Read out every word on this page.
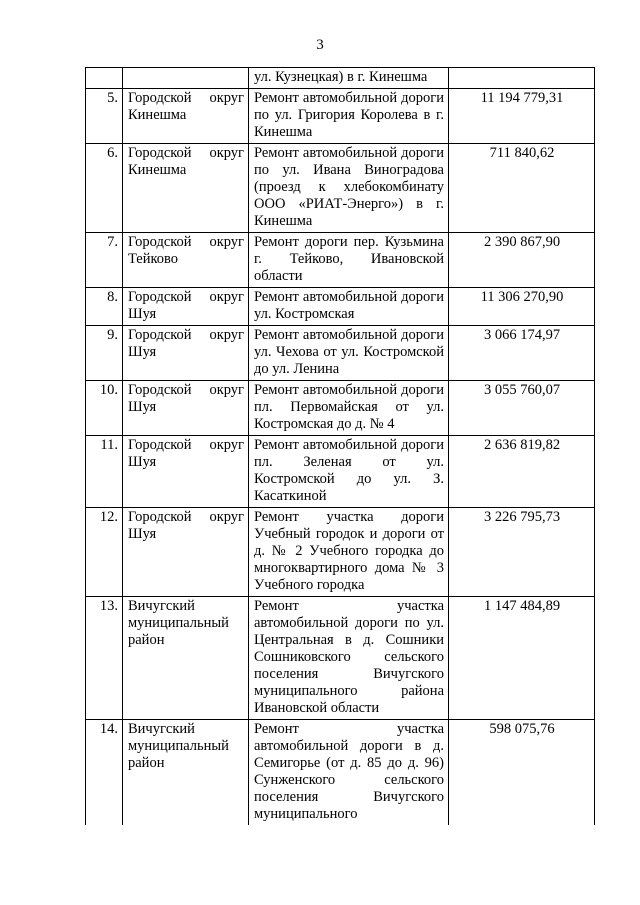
3
		ул. Кузнецкая) в г. Кинешма	
5.	Городской округ Кинешма	Ремонт автомобильной дороги по ул. Григория Королева в г. Кинешма	11 194 779,31
6.	Городской округ Кинешма	Ремонт автомобильной дороги по ул. Ивана Виноградова (проезд к хлебокомбинату ООО «РИАТ-Энерго») в г. Кинешма	711 840,62
7.	Городской округ Тейково	Ремонт дороги пер. Кузьмина г. Тейково, Ивановской области	2 390 867,90
8.	Городской округ Шуя	Ремонт автомобильной дороги ул. Костромская	11 306 270,90
9.	Городской округ Шуя	Ремонт автомобильной дороги ул. Чехова от ул. Костромской до ул. Ленина	3 066 174,97
10.	Городской округ Шуя	Ремонт автомобильной дороги пл. Первомайская от ул. Костромская до д. № 4	3 055 760,07
11.	Городской округ Шуя	Ремонт автомобильной дороги пл. Зеленая от ул. Костромской до ул. З. Касаткиной	2 636 819,82
12.	Городской округ Шуя	Ремонт участка дороги Учебный городок и дороги от д. № 2 Учебного городка до многоквартирного дома № 3 Учебного городка	3 226 795,73
13.	Вичугский муниципальный район	Ремонт участка автомобильной дороги по ул. Центральная в д. Сошники Сошниковского сельского поселения Вичугского муниципального района Ивановской области	1 147 484,89
14.	Вичугский муниципальный район	Ремонт участка автомобильной дороги в д. Семигорье (от д. 85 до д. 96) Сунженского сельского поселения Вичугского муниципального	598 075,76
